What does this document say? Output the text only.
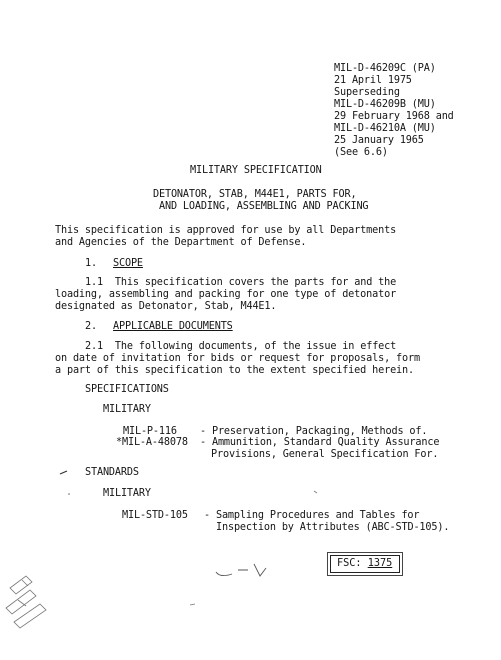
MIL-D-46209C (PA)
21 April 1975
Superseding
MIL-D-46209B (MU)
29 February 1968 and
MIL-D-46210A (MU)
25 January 1965
(See 6.6)
MILITARY SPECIFICATION
DETONATOR, STAB, M44E1, PARTS FOR,
AND LOADING, ASSEMBLING AND PACKING
This specification is approved for use by all Departments
and Agencies of the Department of Defense.
1. SCOPE
1.1  This specification covers the parts for and the
loading, assembling and packing for one type of detonator
designated as Detonator, Stab, M44E1.
2. APPLICABLE DOCUMENTS
2.1  The following documents, of the issue in effect
on date of invitation for bids or request for proposals, form
a part of this specification to the extent specified herein.
SPECIFICATIONS
MILITARY
MIL-P-116 - Preservation, Packaging, Methods of.
*MIL-A-48078 - Ammunition, Standard Quality Assurance
Provisions, General Specification For.
STANDARDS
MILITARY
MIL-STD-105 - Sampling Procedures and Tables for
Inspection by Attributes (ABC-STD-105).
FSC: 1375
